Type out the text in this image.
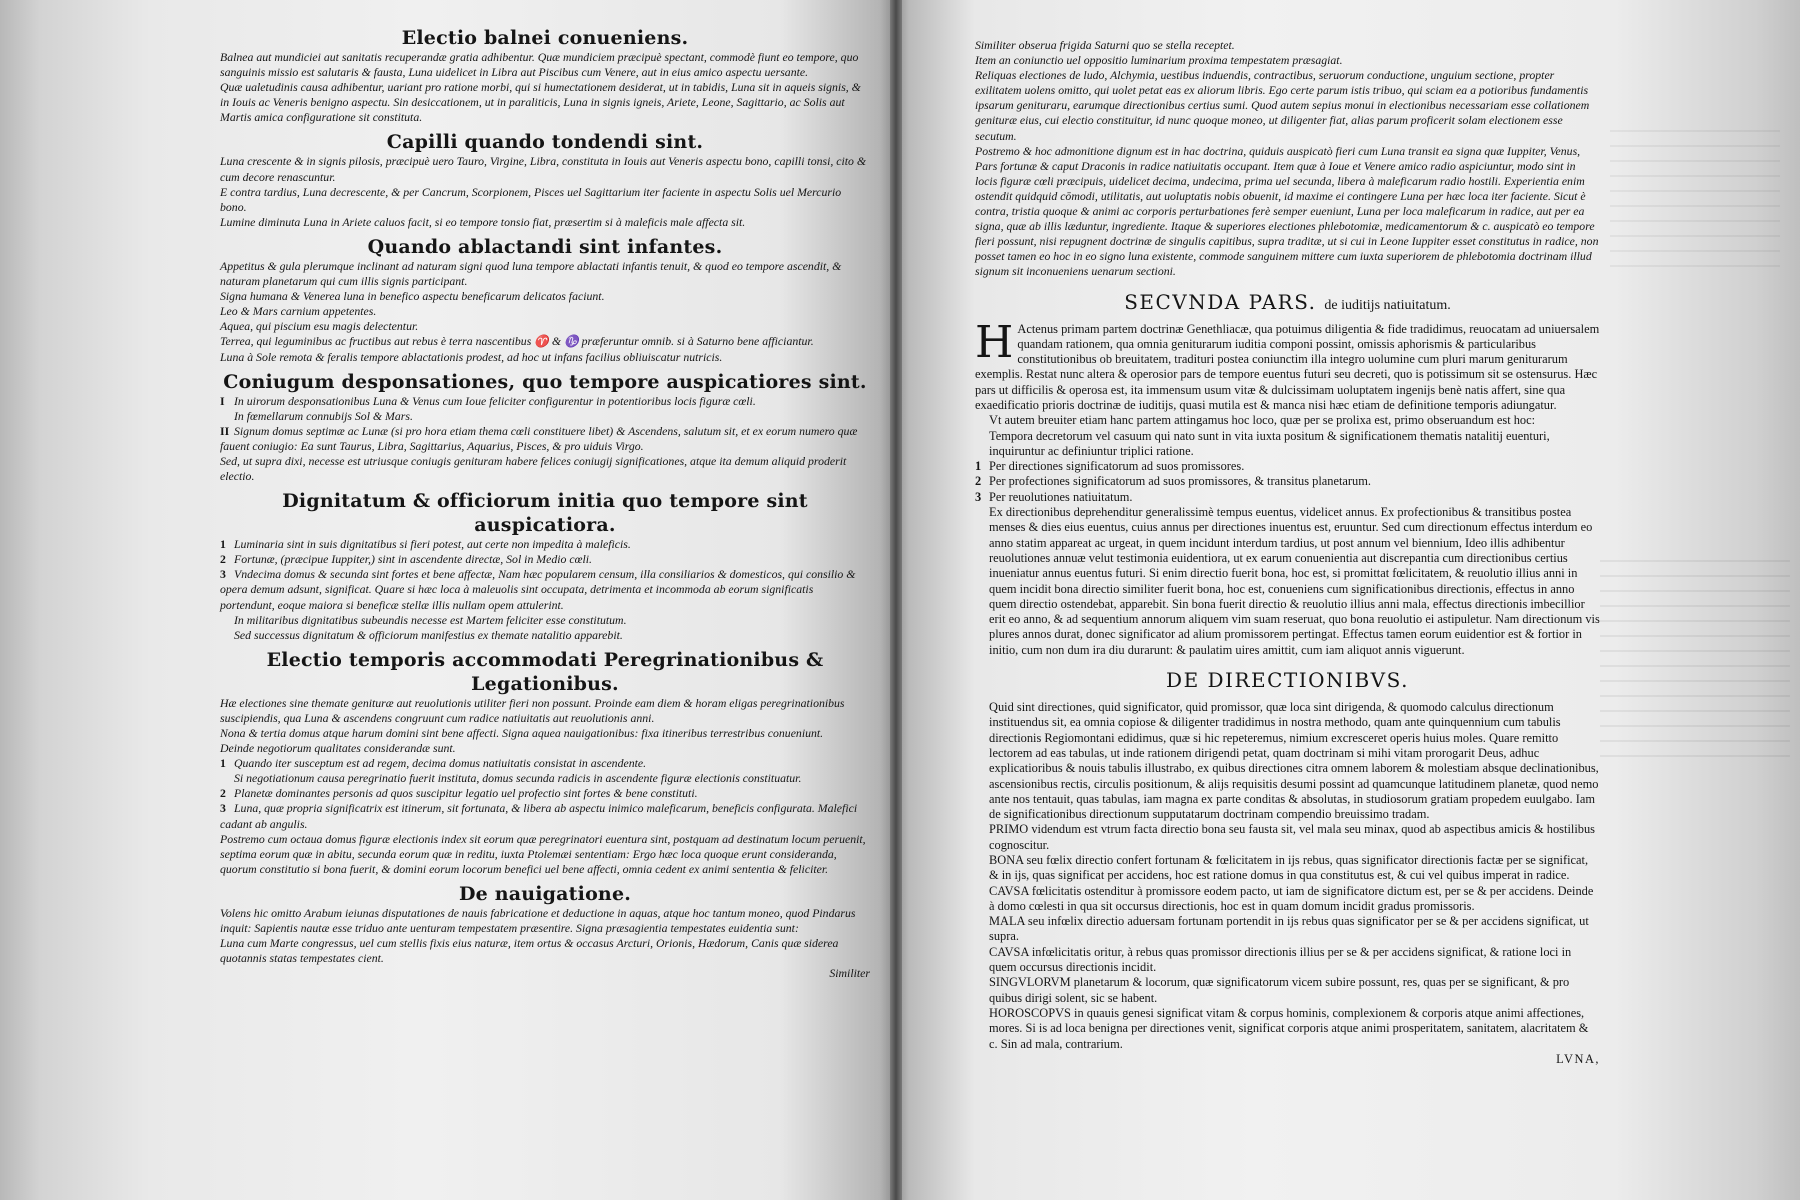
Electio balnei conueniens.

Balnea aut mundiciei aut sanitatis recuperandæ gratia adhibentur. Quæ mundiciem præcipuè spectant, commodè fiunt eo tempore, quo sanguinis missio est salutaris & fausta, Luna uidelicet in Libra aut Piscibus cum Venere, aut in eius amico aspectu uersante.

Quæ ualetudinis causa adhibentur, uariant pro ratione morbi, qui si humectationem desiderat, ut in tabidis, Luna sit in aqueis signis, & in Iouis ac Veneris benigno aspectu. Sin desiccationem, ut in paraliticis, Luna in signis igneis, Ariete, Leone, Sagittario, ac Solis aut Martis amica configuratione sit constituta.

Capilli quando tondendi sint.

Luna crescente & in signis pilosis, præcipuè uero Tauro, Virgine, Libra, constituta in Iouis aut Veneris aspectu bono, capilli tonsi, cito & cum decore renascuntur.

E contra tardius, Luna decrescente, & per Cancrum, Scorpionem, Pisces uel Sagittarium iter faciente in aspectu Solis uel Mercurio bono.

Lumine diminuta Luna in Ariete caluos facit, si eo tempore tonsio fiat, præsertim si à maleficis male affecta sit.

Quando ablactandi sint infantes.

Appetitus & gula plerumque inclinant ad naturam signi quod luna tempore ablactati infantis tenuit, & quod eo tempore ascendit, & naturam planetarum qui cum illis signis participant.

Signa humana & Venerea luna in benefico aspectu beneficarum delicatos faciunt.

Leo & Mars carnium appetentes.

Aquea, qui piscium esu magis delectentur.

Terrea, qui leguminibus ac fructibus aut rebus è terra nascentibus ♈ & ♑ præferuntur omnib. si à Saturno bene afficiantur.

Luna à Sole remota & feralis tempore ablactationis prodest, ad hoc ut infans facilius obliuiscatur nutricis.

Coniugum desponsationes, quo tempore auspicatiores sint.

I In uirorum desponsationibus Luna & Venus cum Ioue feliciter configurentur in potentioribus locis figuræ cœli.

In fœmellarum connubijs Sol & Mars.

II Signum domus septimæ ac Lunæ (si pro hora etiam thema cœli constituere libet) & Ascendens, salutum sit, et ex eorum numero quæ fauent coniugio: Ea sunt Taurus, Libra, Sagittarius, Aquarius, Pisces, & pro uiduis Virgo.

Sed, ut supra dixi, necesse est utriusque coniugis genituram habere felices coniugij significationes, atque ita demum aliquid proderit electio.

Dignitatum & officiorum initia quo tempore sint auspicatiora.

1 Luminaria sint in suis dignitatibus si fieri potest, aut certe non impedita à maleficis.

2 Fortunæ, (præcipue Iuppiter,) sint in ascendente directæ, Sol in Medio cœli.

3 Vndecima domus & secunda sint fortes et bene affectæ, Nam hæc popularem censum, illa consiliarios & domesticos, qui consilio & opera demum adsunt, significat. Quare si hæc loca à maleuolis sint occupata, detrimenta et incommoda ab eorum significatis portendunt, eoque maiora si beneficæ stellæ illis nullam opem attulerint.

In militaribus dignitatibus subeundis necesse est Martem feliciter esse constitutum.

Sed successus dignitatum & officiorum manifestius ex themate natalitio apparebit.

Electio temporis accommodati Peregrinationibus & Legationibus.

Hæ electiones sine themate genituræ aut reuolutionis utiliter fieri non possunt. Proinde eam diem & horam eligas peregrinationibus suscipiendis, qua Luna & ascendens congruunt cum radice natiuitatis aut reuolutionis anni.

Nona & tertia domus atque harum domini sint bene affecti. Signa aquea nauigationibus: fixa itineribus terrestribus conueniunt.

Deinde negotiorum qualitates considerandæ sunt.

1 Quando iter susceptum est ad regem, decima domus natiuitatis consistat in ascendente.

Si negotiationum causa peregrinatio fuerit instituta, domus secunda radicis in ascendente figuræ electionis constituatur.

2 Planetæ dominantes personis ad quos suscipitur legatio uel profectio sint fortes & bene constituti.

3 Luna, quæ propria significatrix est itinerum, sit fortunata, & libera ab aspectu inimico maleficarum, beneficis configurata. Malefici cadant ab angulis.

Postremo cum octaua domus figuræ electionis index sit eorum quæ peregrinatori euentura sint, postquam ad destinatum locum peruenit, septima eorum quæ in abitu, secunda eorum quæ in reditu, iuxta Ptolemæi sententiam: Ergo hæc loca quoque erunt consideranda, quorum constitutio si bona fuerit, & domini eorum locorum benefici uel bene affecti, omnia cedent ex animi sententia & feliciter.

De nauigatione.

Volens hic omitto Arabum ieiunas disputationes de nauis fabricatione et deductione in aquas, atque hoc tantum moneo, quod Pindarus inquit: Sapientis nautæ esse triduo ante uenturam tempestatem præsentire. Signa præsagientia tempestates euidentia sunt:

Luna cum Marte congressus, uel cum stellis fixis eius naturæ, item ortus & occasus Arcturi, Orionis, Hædorum, Canis quæ siderea quotannis statas tempestates cient.

Similiter

Similiter obserua frigida Saturni quo se stella receptet.

Item an coniunctio uel oppositio luminarium proxima tempestatem præsagiat.

Reliquas electiones de ludo, Alchymia, uestibus induendis, contractibus, seruorum conductione, unguium sectione, propter exilitatem uolens omitto, qui uolet petat eas ex aliorum libris. Ego certe parum istis tribuo, qui sciam ea a potioribus fundamentis ipsarum genituraru, earumque directionibus certius sumi. Quod autem sepius monui in electionibus necessariam esse collationem genituræ eius, cui electio constituitur, id nunc quoque moneo, ut diligenter fiat, alias parum proficerit solam electionem esse secutum.

Postremo & hoc admonitione dignum est in hac doctrina, quiduis auspicatò fieri cum Luna transit ea signa quæ Iuppiter, Venus, Pars fortunæ & caput Draconis in radice natiuitatis occupant. Item quæ à Ioue et Venere amico radio aspiciuntur, modo sint in locis figuræ cœli præcipuis, uidelicet decima, undecima, prima uel secunda, libera à maleficarum radio hostili. Experientia enim ostendit quidquid cōmodi, utilitatis, aut uoluptatis nobis obuenit, id maxime ei contingere Luna per hæc loca iter faciente. Sicut è contra, tristia quoque & animi ac corporis perturbationes ferè semper eueniunt, Luna per loca maleficarum in radice, aut per ea signa, quæ ab illis læduntur, ingrediente. Itaque & superiores electiones phlebotomiæ, medicamentorum & c. auspicatò eo tempore fieri possunt, nisi repugnent doctrinæ de singulis capitibus, supra traditæ, ut si cui in Leone Iuppiter esset constitutus in radice, non posset tamen eo hoc in eo signo luna existente, commode sanguinem mittere cum iuxta superiorem de phlebotomia doctrinam illud signum sit inconueniens uenarum sectioni.

SECVNDA PARS. de iuditijs natiuitatum.

H Actenus primam partem doctrinæ Genethliacæ, qua potuimus diligentia & fide tradidimus, reuocatam ad uniuersalem quandam rationem, qua omnia geniturarum iuditia componi possint, omissis aphorismis & particularibus constitutionibus ob breuitatem, tradituri postea coniunctim illa integro uolumine cum pluri marum geniturarum exemplis. Restat nunc altera & operosior pars de tempore euentus futuri seu decreti, quo is potissimum sit se ostensurus. Hæc pars ut difficilis & operosa est, ita immensum usum vitæ & dulcissimam uoluptatem ingenijs benè natis affert, sine qua exaedificatio prioris doctrinæ de iuditijs, quasi mutila est & manca nisi hæc etiam de definitione temporis adiungatur.

Vt autem breuiter etiam hanc partem attingamus hoc loco, quæ per se prolixa est, primo obseruandum est hoc:

Tempora decretorum vel casuum qui nato sunt in vita iuxta positum & significationem thematis natalitij euenturi, inquiruntur ac definiuntur triplici ratione.

1 Per directiones significatorum ad suos promissores.

2 Per profectiones significatorum ad suos promissores, & transitus planetarum.

3 Per reuolutiones natiuitatum.

Ex directionibus deprehenditur generalissimè tempus euentus, videlicet annus. Ex profectionibus & transitibus postea menses & dies eius euentus, cuius annus per directiones inuentus est, eruuntur. Sed cum directionum effectus interdum eo anno statim appareat ac urgeat, in quem incidunt interdum tardius, ut post annum vel biennium, Ideo illis adhibentur reuolutiones annuæ velut testimonia euidentiora, ut ex earum conuenientia aut discrepantia cum directionibus certius inueniatur annus euentus futuri. Si enim directio fuerit bona, hoc est, si promittat fœlicitatem, & reuolutio illius anni in quem incidit bona directio similiter fuerit bona, hoc est, conueniens cum significationibus directionis, effectus in anno quem directio ostendebat, apparebit. Sin bona fuerit directio & reuolutio illius anni mala, effectus directionis imbecillior erit eo anno, & ad sequentium annorum aliquem vim suam reseruat, quo bona reuolutio ei astipuletur. Nam directionum vis plures annos durat, donec significator ad alium promissorem pertingat. Effectus tamen eorum euidentior est & fortior in initio, cum non dum ira diu durarunt: & paulatim uires amittit, cum iam aliquot annis viguerunt.

DE DIRECTIONIBVS.

Quid sint directiones, quid significator, quid promissor, quæ loca sint dirigenda, & quomodo calculus directionum instituendus sit, ea omnia copiose & diligenter tradidimus in nostra methodo, quam ante quinquennium cum tabulis directionis Regiomontani edidimus, quæ si hic repeteremus, nimium excresceret operis huius moles. Quare remitto lectorem ad eas tabulas, ut inde rationem dirigendi petat, quam doctrinam si mihi vitam prorogarit Deus, adhuc explicatioribus & nouis tabulis illustrabo, ex quibus directiones citra omnem laborem & molestiam absque declinationibus, ascensionibus rectis, circulis positionum, & alijs requisitis desumi possint ad quamcunque latitudinem planetæ, quod nemo ante nos tentauit, quas tabulas, iam magna ex parte conditas & absolutas, in studiosorum gratiam propedem euulgabo. Iam de significationibus directionum supputatarum doctrinam compendio breuissimo tradam.

PRIMO videndum est vtrum facta directio bona seu fausta sit, vel mala seu minax, quod ab aspectibus amicis & hostilibus cognoscitur.

BONA seu fœlix directio confert fortunam & fœlicitatem in ijs rebus, quas significator directionis factæ per se significat, & in ijs, quas significat per accidens, hoc est ratione domus in qua constitutus est, & cui vel quibus imperat in radice.

CAVSA fœlicitatis ostenditur à promissore eodem pacto, ut iam de significatore dictum est, per se & per accidens. Deinde à domo cœlesti in qua sit occursus directionis, hoc est in quam domum incidit gradus promissoris.

MALA seu infœlix directio aduersam fortunam portendit in ijs rebus quas significator per se & per accidens significat, ut supra.

CAVSA infœlicitatis oritur, à rebus quas promissor directionis illius per se & per accidens significat, & ratione loci in quem occursus directionis incidit.

SINGVLORVM planetarum & locorum, quæ significatorum vicem subire possunt, res, quas per se significant, & pro quibus dirigi solent, sic se habent.

HOROSCOPVS in quauis genesi significat vitam & corpus hominis, complexionem & corporis atque animi affectiones, mores. Si is ad loca benigna per directiones venit, significat corporis atque animi prosperitatem, sanitatem, alacritatem & c. Sin ad mala, contrarium.

LVNA,
